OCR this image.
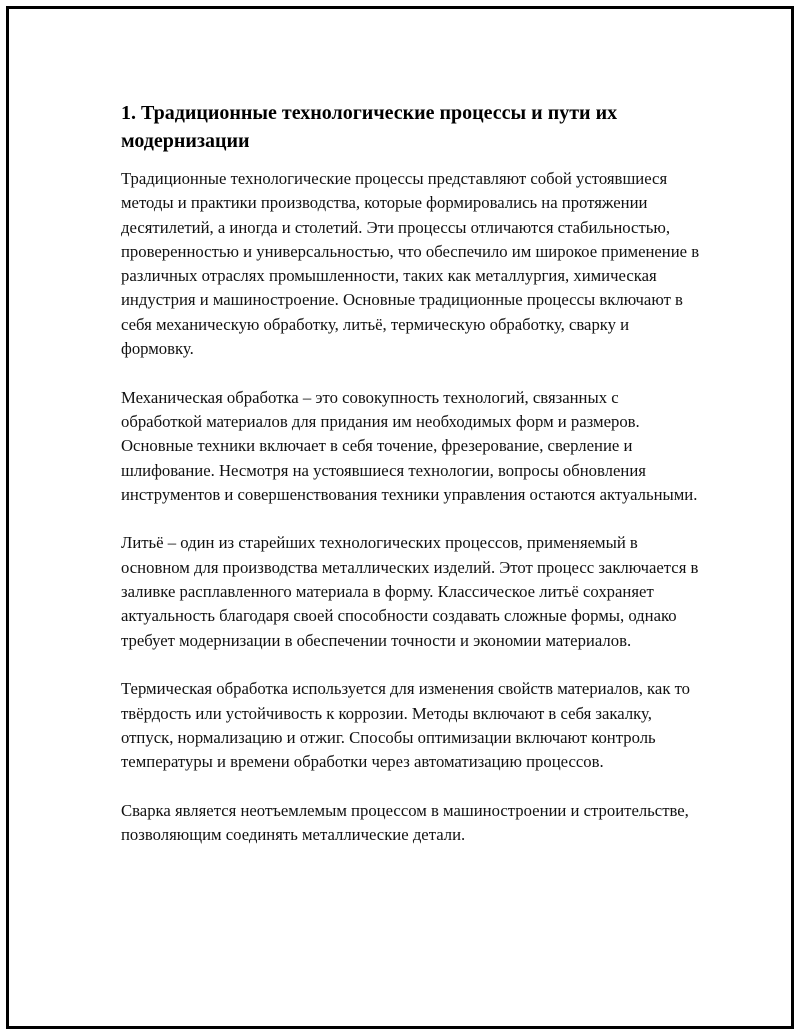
1. Традиционные технологические процессы и пути их модернизации

Традиционные технологические процессы представляют собой устоявшиеся методы и практики производства, которые формировались на протяжении десятилетий, а иногда и столетий. Эти процессы отличаются стабильностью, проверенностью и универсальностью, что обеспечило им широкое применение в различных отраслях промышленности, таких как металлургия, химическая индустрия и машиностроение. Основные традиционные процессы включают в себя механическую обработку, литьё, термическую обработку, сварку и формовку.

Механическая обработка – это совокупность технологий, связанных с обработкой материалов для придания им необходимых форм и размеров. Основные техники включает в себя точение, фрезерование, сверление и шлифование. Несмотря на устоявшиеся технологии, вопросы обновления инструментов и совершенствования техники управления остаются актуальными.

Литьё – один из старейших технологических процессов, применяемый в основном для производства металлических изделий. Этот процесс заключается в заливке расплавленного материала в форму. Классическое литьё сохраняет актуальность благодаря своей способности создавать сложные формы, однако требует модернизации в обеспечении точности и экономии материалов.

Термическая обработка используется для изменения свойств материалов, как то твёрдость или устойчивость к коррозии. Методы включают в себя закалку, отпуск, нормализацию и отжиг. Способы оптимизации включают контроль температуры и времени обработки через автоматизацию процессов.

Сварка является неотъемлемым процессом в машиностроении и строительстве, позволяющим соединять металлические детали.
